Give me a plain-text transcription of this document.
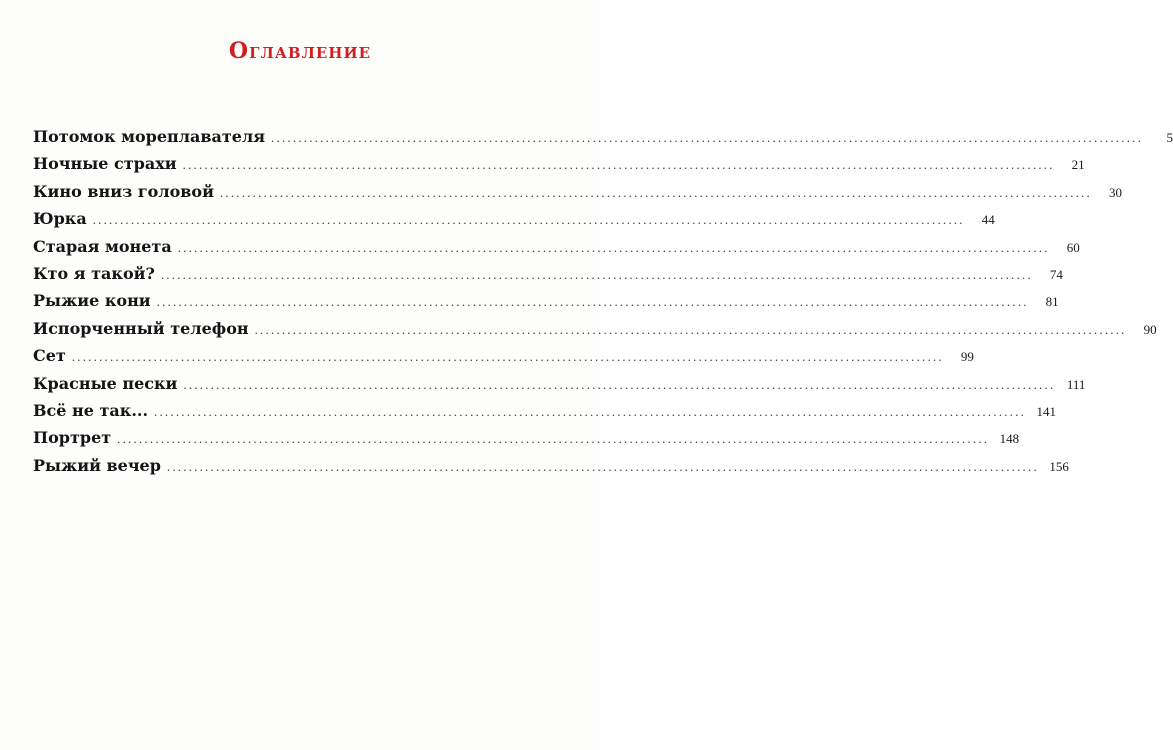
Оглавление
Потомок мореплавателя ................................................................................................................................................................	5
Ночные страхи ................................................................................................................................................................	21
Кино вниз головой ................................................................................................................................................................	30
Юрка ................................................................................................................................................................	44
Старая монета ................................................................................................................................................................	60
Кто я такой? ................................................................................................................................................................	74
Рыжие кони ................................................................................................................................................................	81
Испорченный телефон ................................................................................................................................................................	90
Сет ................................................................................................................................................................	99
Красные пески ................................................................................................................................................................ 111
Всё не так... ................................................................................................................................................................ 141
Портрет ................................................................................................................................................................ 148
Рыжий вечер ................................................................................................................................................................ 156
